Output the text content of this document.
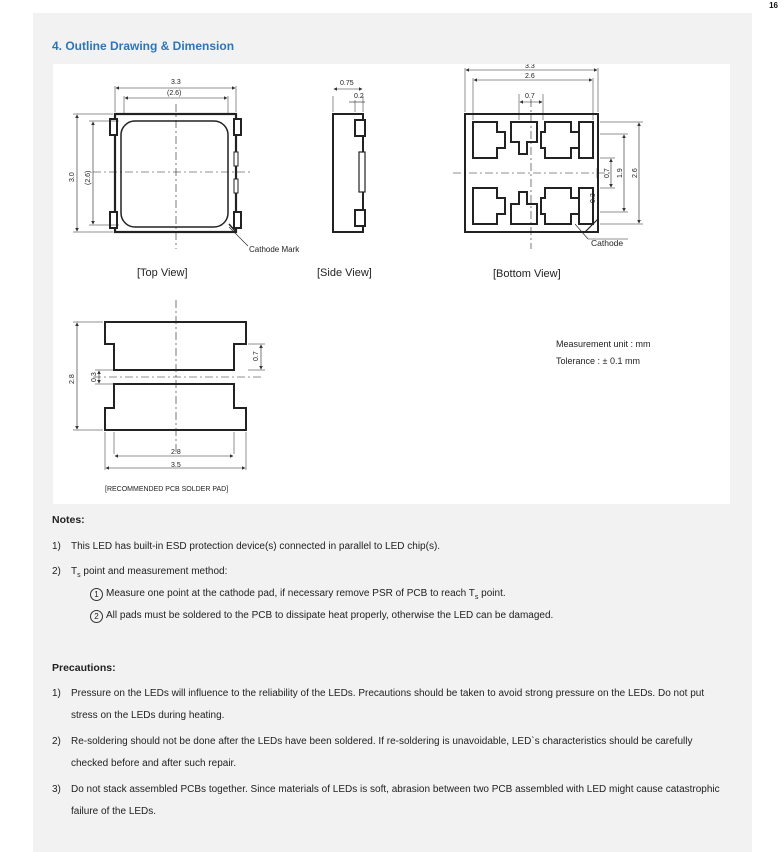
16
4. Outline Drawing & Dimension
3.3
(2.6)
3.0 (2.6)
Cathode Mark
[Top View]
0.75
0.2
[Side View]
3.3
2.6
0.7
0.7 1.9 2.6
0.3
Cathode
[Bottom View]
2.8 0.3
0.7
2.8
3.5
[RECOMMENDED PCB SOLDER PAD]
Measurement unit : mm
Tolerance : ± 0.1 mm
Notes:
1) This LED has built-in ESD protection device(s) connected in parallel to LED chip(s).
2) $T_s$ point and measurement method:
1 Measure one point at the cathode pad, if necessary remove PSR of PCB to reach $T_s$ point.
2 All pads must be soldered to the PCB to dissipate heat properly, otherwise the LED can be damaged.
Precautions:
1) Pressure on the LEDs will influence to the reliability of the LEDs. Precautions should be taken to avoid strong pressure on the LEDs. Do not put stress on the LEDs during heating.
2) Re-soldering should not be done after the LEDs have been soldered. If re-soldering is unavoidable, LED`s characteristics should be carefully checked before and after such repair.
3) Do not stack assembled PCBs together. Since materials of LEDs is soft, abrasion between two PCB assembled with LED might cause catastrophic failure of the LEDs.
